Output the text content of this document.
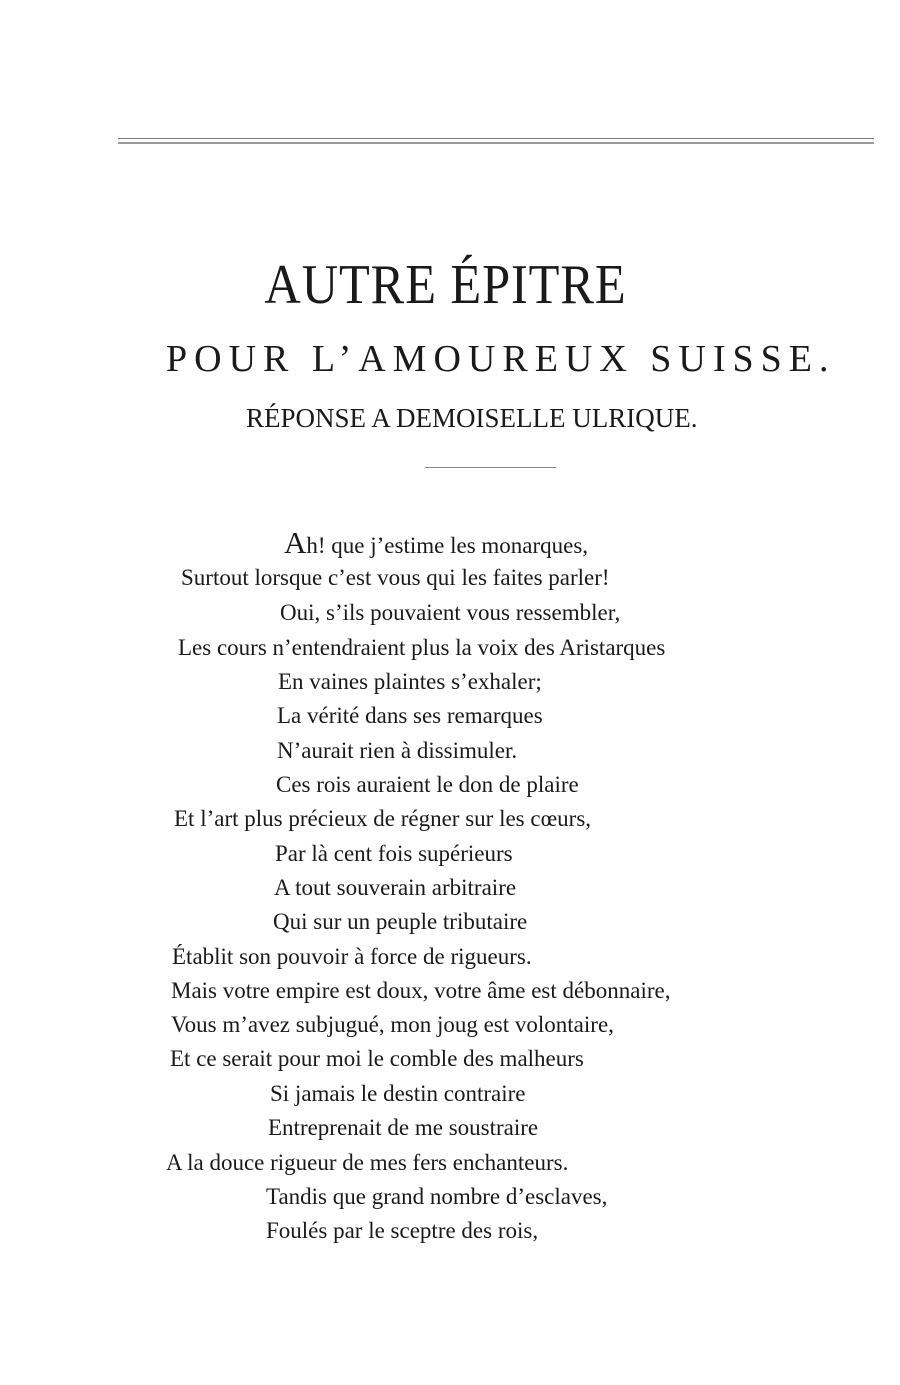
AUTRE ÉPITRE
POUR L’AMOUREUX SUISSE.
RÉPONSE A DEMOISELLE ULRIQUE.
Ah! que j’estime les monarques,
Surtout lorsque c’est vous qui les faites parler!
Oui, s’ils pouvaient vous ressembler,
Les cours n’entendraient plus la voix des Aristarques
En vaines plaintes s’exhaler;
La vérité dans ses remarques
N’aurait rien à dissimuler.
Ces rois auraient le don de plaire
Et l’art plus précieux de régner sur les cœurs,
Par là cent fois supérieurs
A tout souverain arbitraire
Qui sur un peuple tributaire
Établit son pouvoir à force de rigueurs.
Mais votre empire est doux, votre âme est débonnaire,
Vous m’avez subjugué, mon joug est volontaire,
Et ce serait pour moi le comble des malheurs
Si jamais le destin contraire
Entreprenait de me soustraire
A la douce rigueur de mes fers enchanteurs.
Tandis que grand nombre d’esclaves,
Foulés par le sceptre des rois,
